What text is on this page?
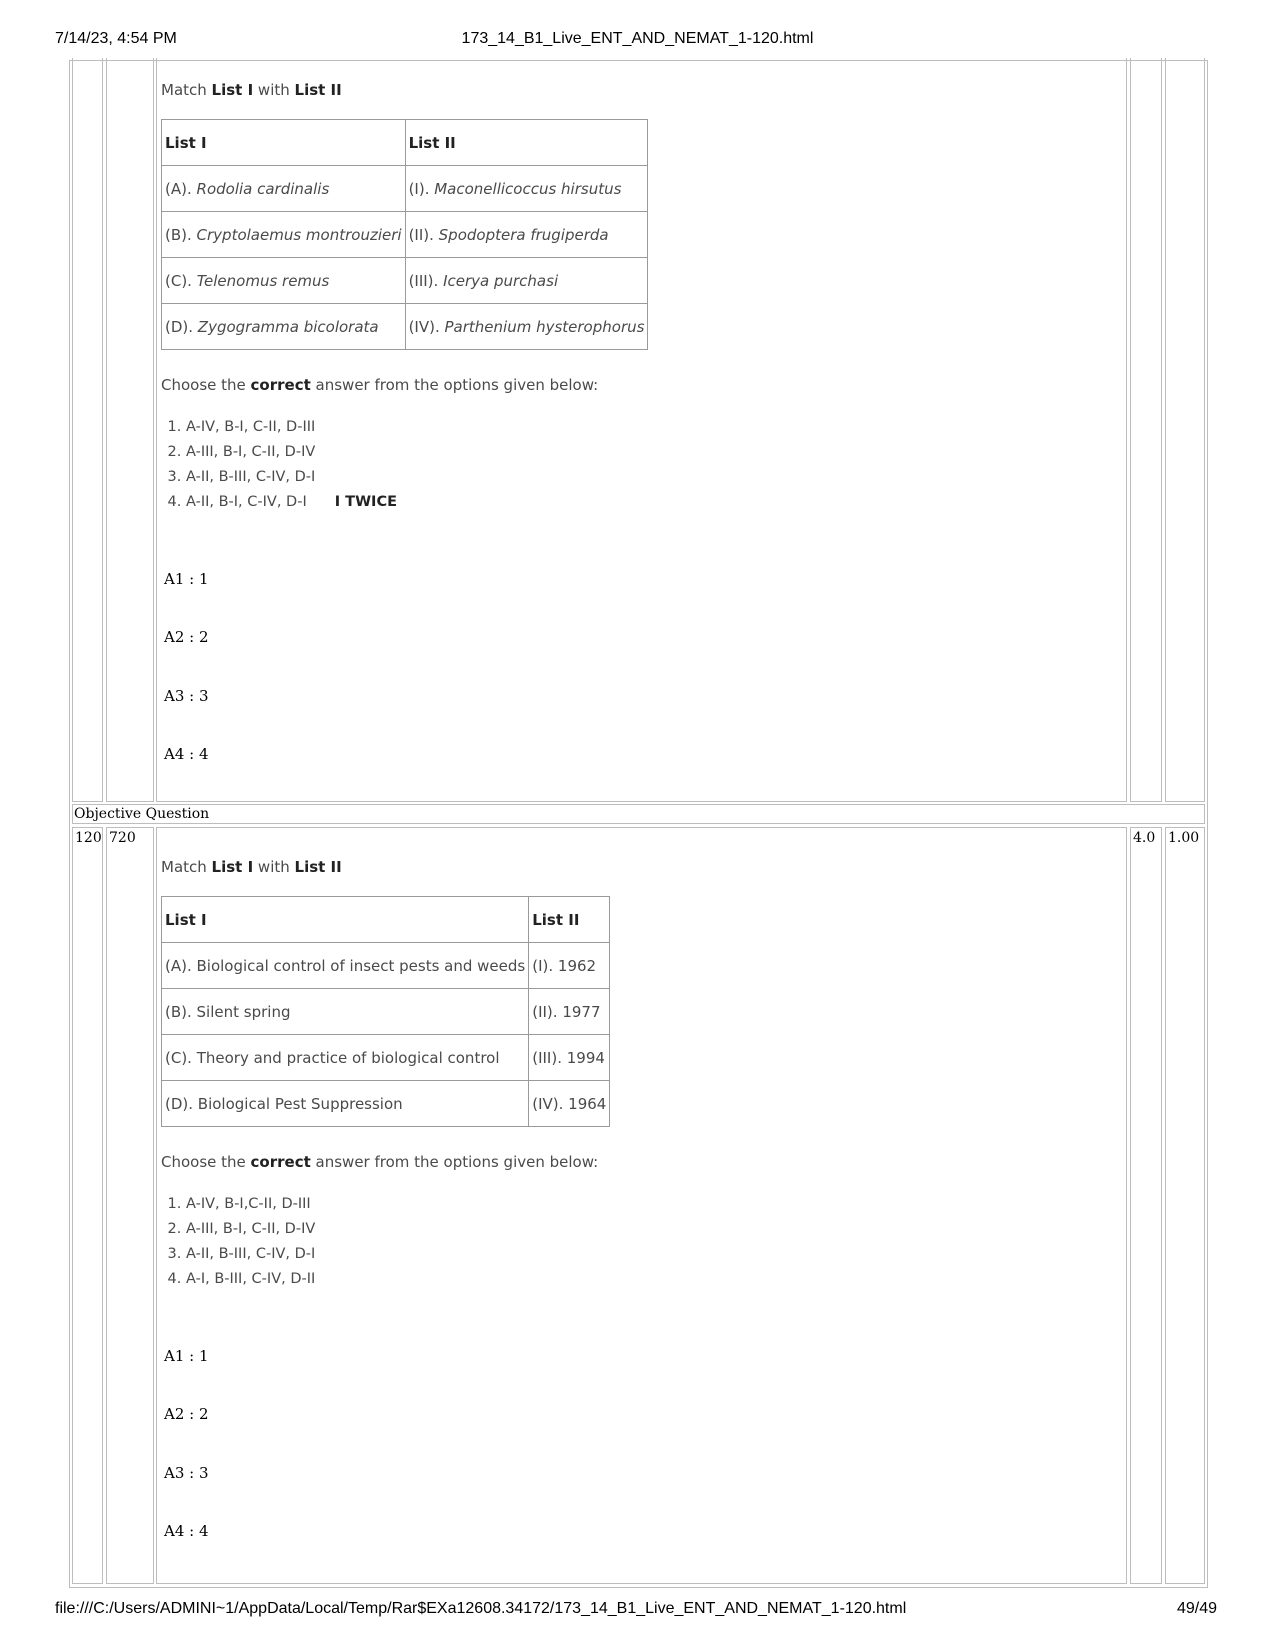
7/14/23, 4:54 PM	173_14_B1_Live_ENT_AND_NEMAT_1-120.html
file:///C:/Users/ADMINI~1/AppData/Local/Temp/Rar$EXa12608.34172/173_14_B1_Live_ENT_AND_NEMAT_1-120.html	49/49
Match List I with List II
List I	List II
(A). Rodolia cardinalis	(I). Maconellicoccus hirsutus
(B). Cryptolaemus montrouzieri	(II). Spodoptera frugiperda
(C). Telenomus remus	(III). Icerya purchasi
(D). Zygogramma bicolorata	(IV). Parthenium hysterophorus
Choose the correct answer from the options given below:
1. A-IV, B-I, C-II, D-III
2. A-III, B-I, C-II, D-IV
3. A-II, B-III, C-IV, D-I
4. A-II, B-I, C-IV, D-I I TWICE
A1 : 1
A2 : 2
A3 : 3
A4 : 4
Objective Question
120 720	4.0 1.00
Match List I with List II
List I	List II
(A). Biological control of insect pests and weeds	(I). 1962
(B). Silent spring	(II). 1977
(C). Theory and practice of biological control	(III). 1994
(D). Biological Pest Suppression	(IV). 1964
Choose the correct answer from the options given below:
1. A-IV, B-I,C-II, D-III
2. A-III, B-I, C-II, D-IV
3. A-II, B-III, C-IV, D-I
4. A-I, B-III, C-IV, D-II
A1 : 1
A2 : 2
A3 : 3
A4 : 4
